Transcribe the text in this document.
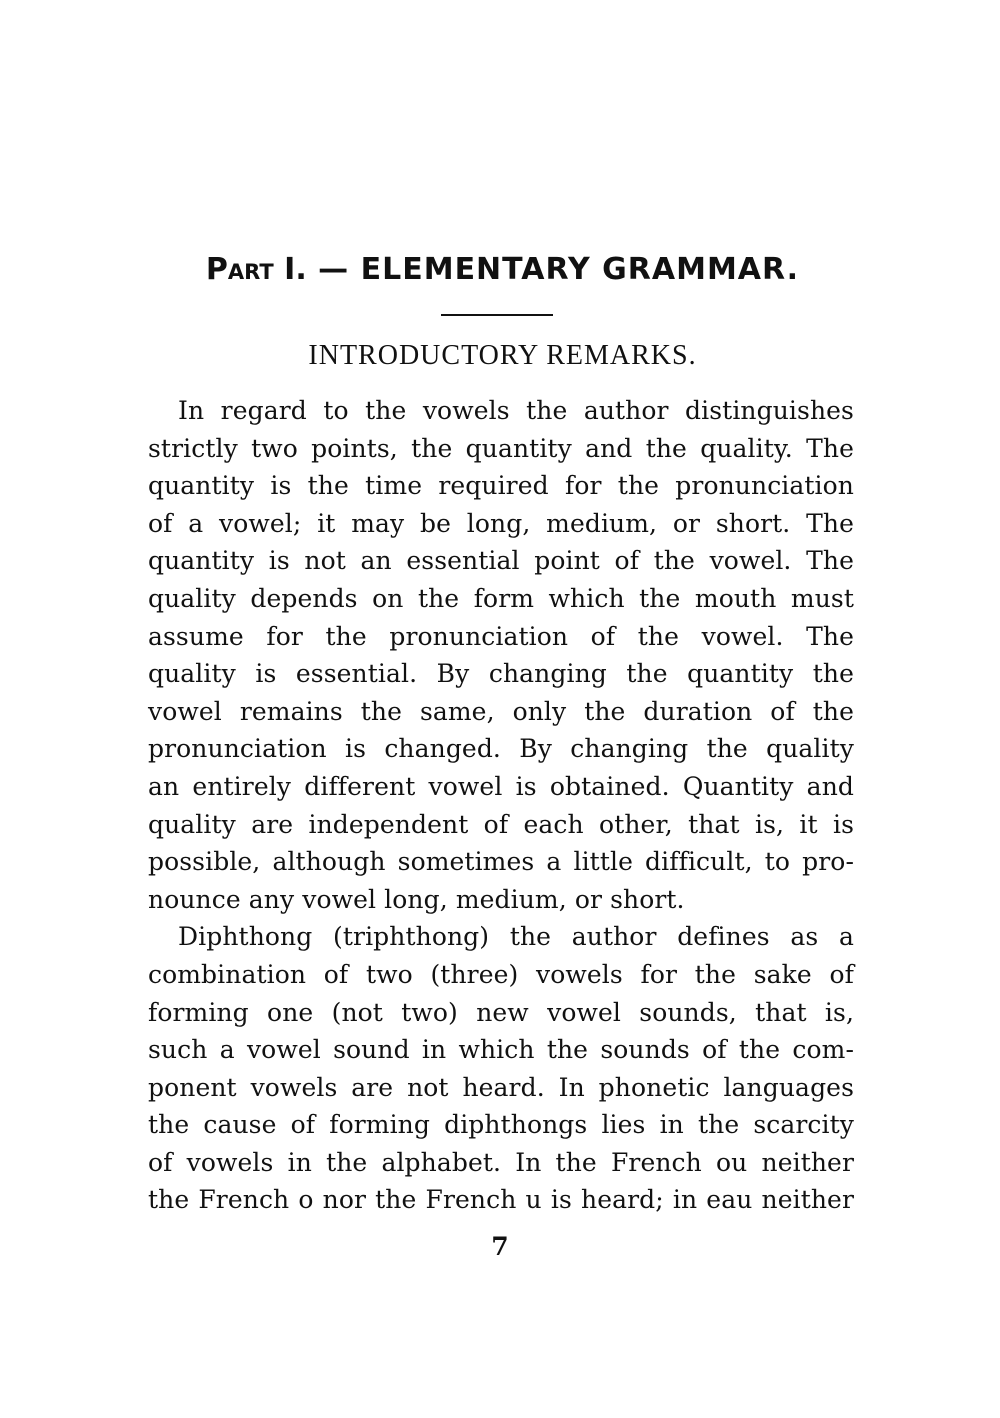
Part I. — ELEMENTARY GRAMMAR.
INTRODUCTORY REMARKS.
In regard to the vowels the author distinguishes
strictly two points, the quantity and the quality. The
quantity is the time required for the pronunciation
of a vowel; it may be long, medium, or short. The
quantity is not an essential point of the vowel. The
quality depends on the form which the mouth must
assume for the pronunciation of the vowel. The
quality is essential. By changing the quantity the
vowel remains the same, only the duration of the
pronunciation is changed. By changing the quality
an entirely different vowel is obtained. Quantity and
quality are independent of each other, that is, it is
possible, although sometimes a little difficult, to pro-
nounce any vowel long, medium, or short.
Diphthong (triphthong) the author defines as a
combination of two (three) vowels for the sake of
forming one (not two) new vowel sounds, that is,
such a vowel sound in which the sounds of the com-
ponent vowels are not heard. In phonetic languages
the cause of forming diphthongs lies in the scarcity
of vowels in the alphabet. In the French ou neither
the French o nor the French u is heard; in eau neither

7
